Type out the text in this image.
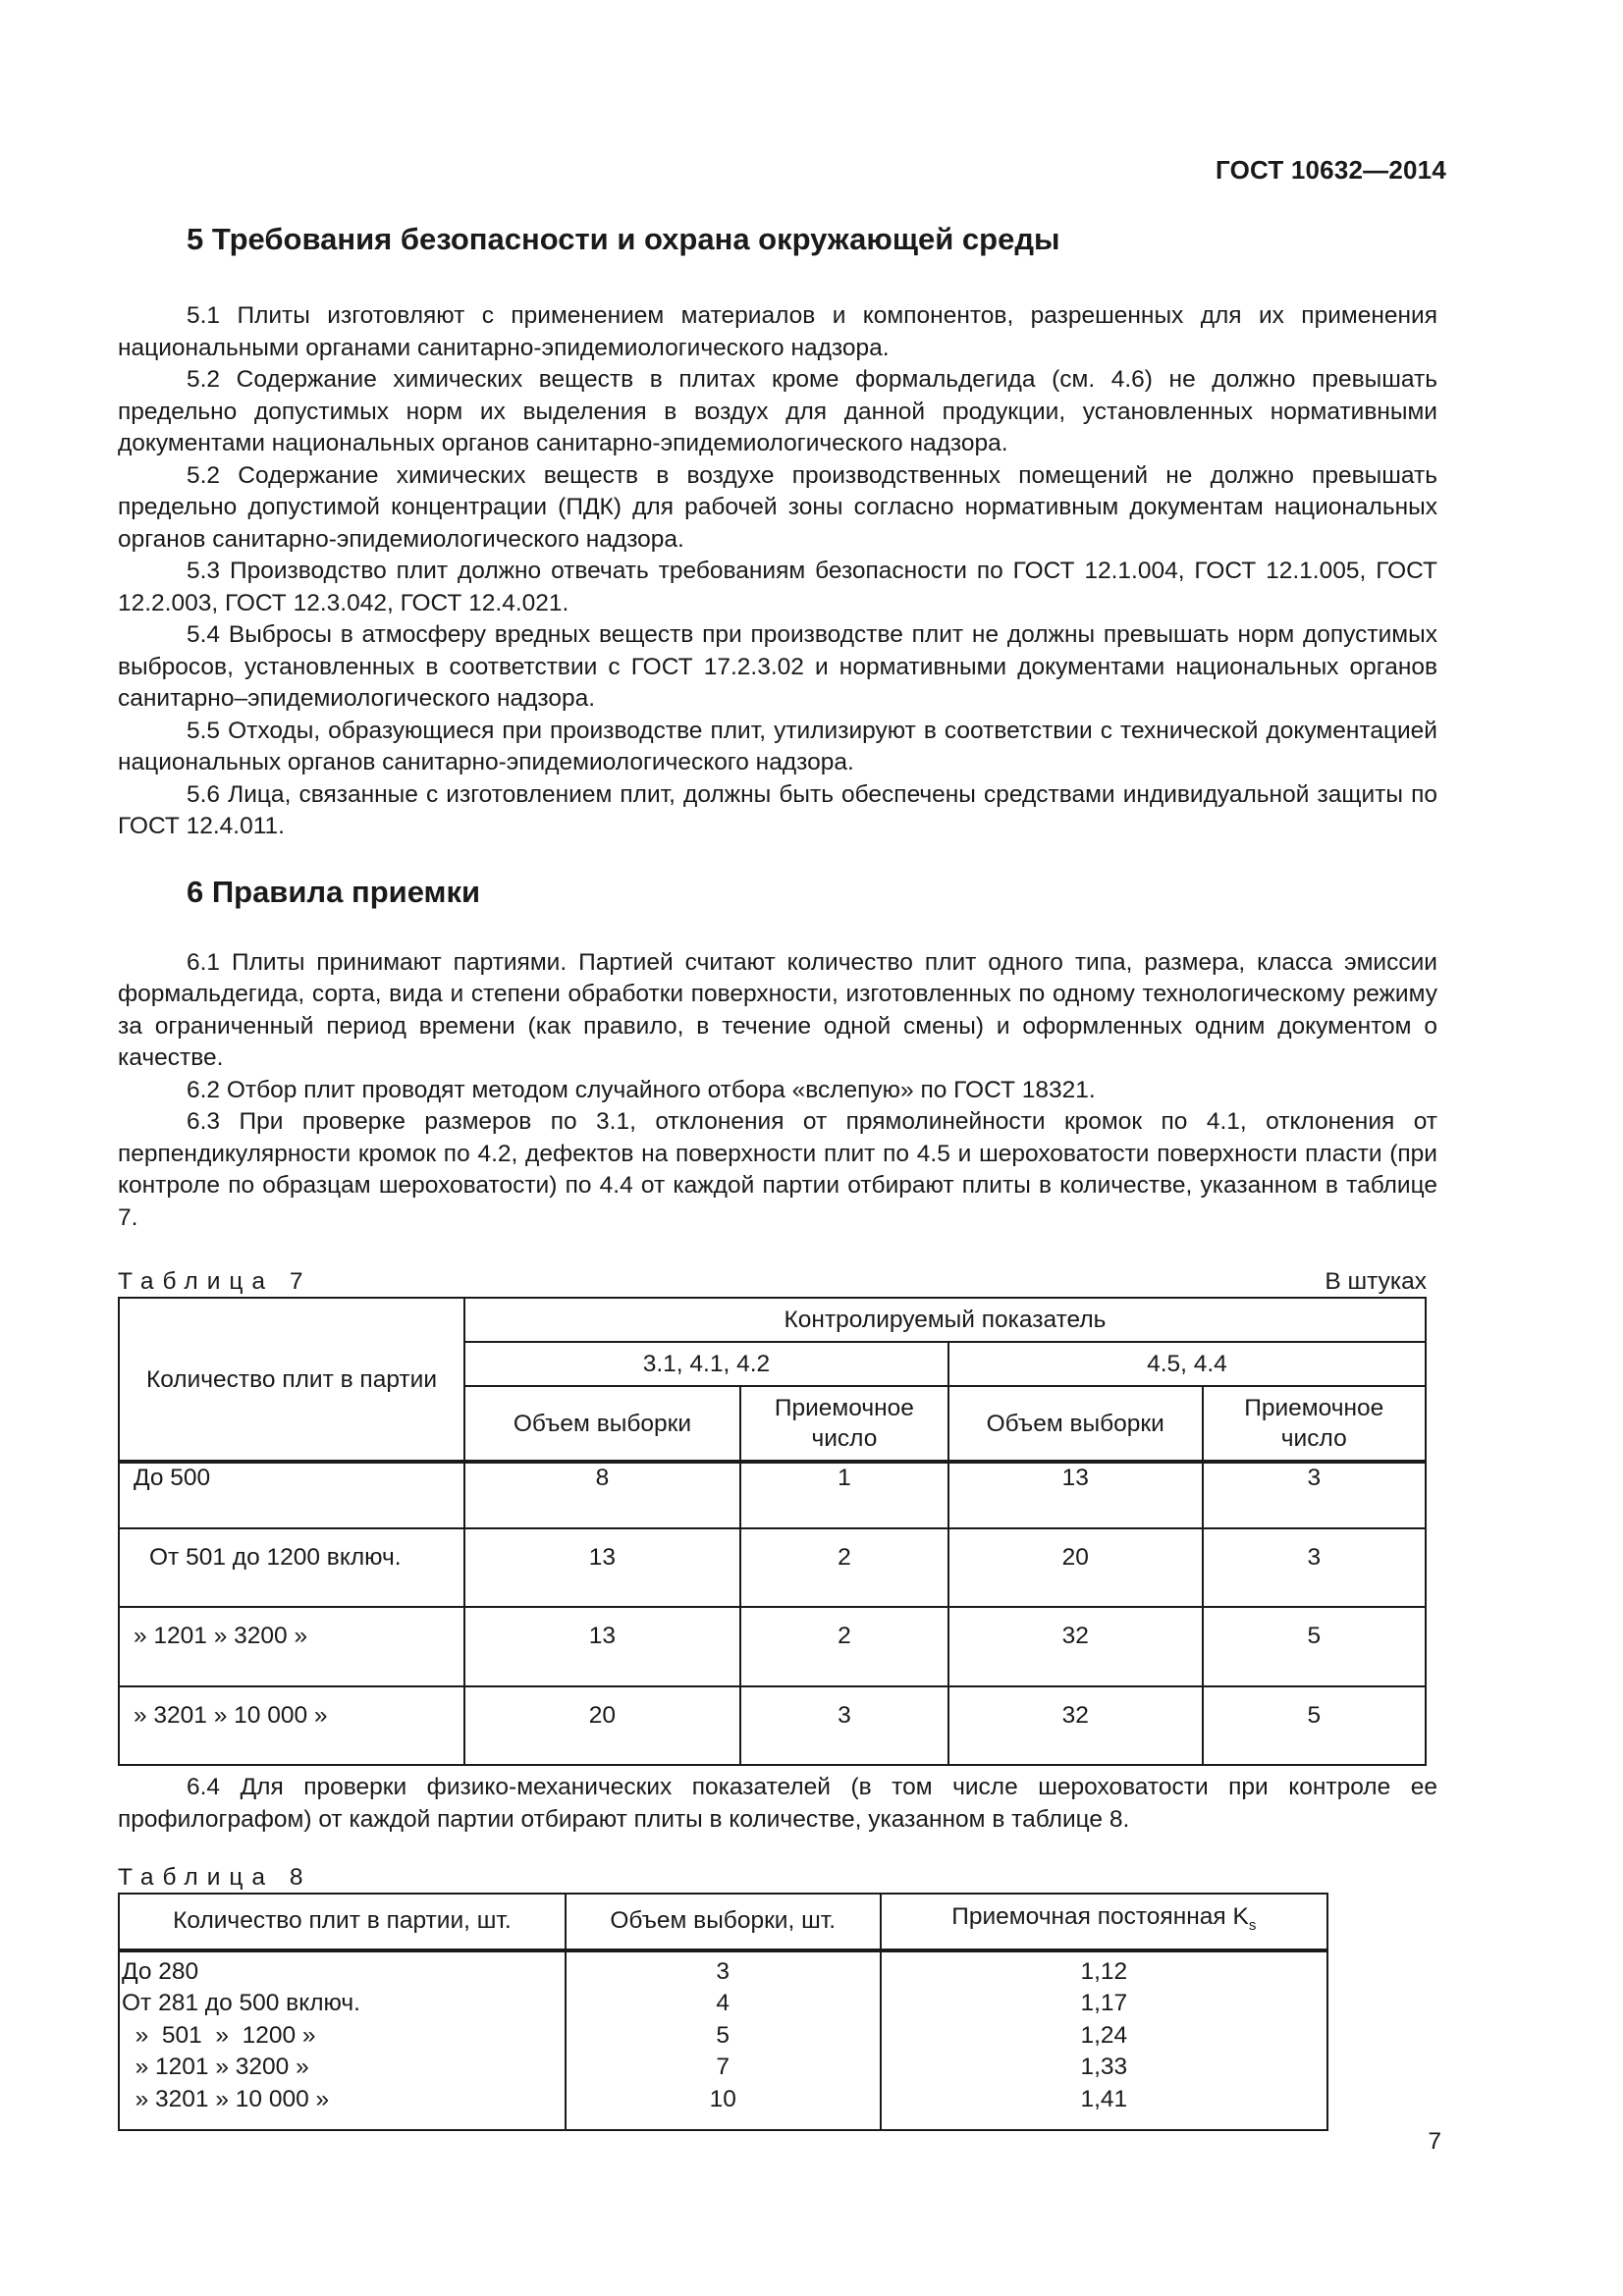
ГОСТ 10632—2014
5 Требования безопасности и охрана окружающей среды

5.1 Плиты изготовляют с применением материалов и компонентов, разрешенных для их применения национальными органами санитарно-эпидемиологического надзора.

5.2 Содержание химических веществ в плитах кроме формальдегида (см. 4.6) не должно превышать предельно допустимых норм их выделения в воздух для данной продукции, установленных нормативными документами национальных органов санитарно-эпидемиологического надзора.

5.2 Содержание химических веществ в воздухе производственных помещений не должно превышать предельно допустимой концентрации (ПДК) для рабочей зоны согласно нормативным документам национальных органов санитарно-эпидемиологического надзора.

5.3 Производство плит должно отвечать требованиям безопасности по ГОСТ 12.1.004, ГОСТ 12.1.005, ГОСТ 12.2.003, ГОСТ 12.3.042, ГОСТ 12.4.021.

5.4 Выбросы в атмосферу вредных веществ при производстве плит не должны превышать норм допустимых выбросов, установленных в соответствии с ГОСТ 17.2.3.02 и нормативными документами национальных органов санитарно–эпидемиологического надзора.

5.5 Отходы, образующиеся при производстве плит, утилизируют в соответствии с технической документацией национальных органов санитарно-эпидемиологического надзора.

5.6 Лица, связанные с изготовлением плит, должны быть обеспечены средствами индивидуальной защиты по ГОСТ 12.4.011.

6 Правила приемки

6.1 Плиты принимают партиями. Партией считают количество плит одного типа, размера, класса эмиссии формальдегида, сорта, вида и степени обработки поверхности, изготовленных по одному технологическому режиму за ограниченный период времени (как правило, в течение одной смены) и оформленных одним документом о качестве.

6.2 Отбор плит проводят методом случайного отбора «вслепую» по ГОСТ 18321.

6.3 При проверке размеров по 3.1, отклонения от прямолинейности кромок по 4.1, отклонения от перпендикулярности кромок по 4.2, дефектов на поверхности плит по 4.5 и шероховатости поверхности пласти (при контроле по образцам шероховатости) по 4.4 от каждой партии отбирают плиты в количестве, указанном в таблице 7.

Таблица 7	В штуках
Количество плит в партии	Контролируемый показатель			
	3.1, 4.1, 4.2		4.5, 4.4	
	Объем выборки	Приемочное число	Объем выборки	Приемочное число
До 500	8	1	13	3
От 501 до 1200 включ.	13	2	20	3
» 1201 » 3200 »	13	2	32	5
» 3201 » 10 000 »	20	3	32	5

6.4 Для проверки физико-механических показателей (в том числе шероховатости при контроле ее профилографом) от каждой партии отбирают плиты в количестве, указанном в таблице 8.

Таблица 8
Количество плит в партии, шт.	Объем выборки, шт.	Приемочная постоянная $K_s$
До 280	3	1,12
От 281 до 500 включ.	4	1,17
»  501  »  1200 »	5	1,24
» 1201 » 3200 »	7	1,33
» 3201 » 10 000 »	10	1,41
7
